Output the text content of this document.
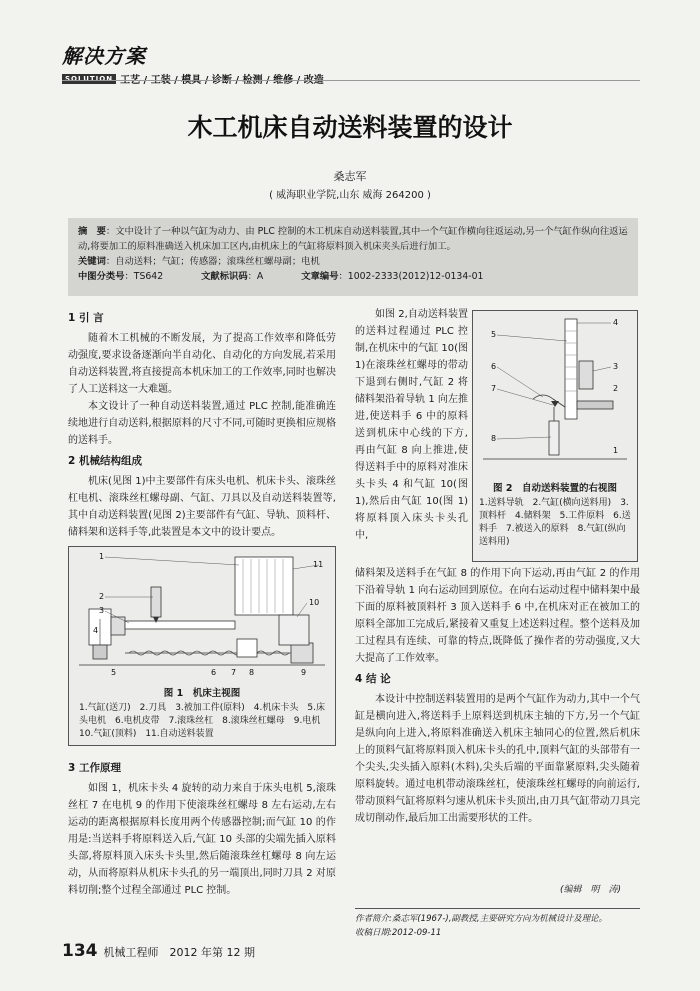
解决方案
SOLUTION 工艺 / 工装 / 模具 / 诊断 / 检测 / 维修 / 改造
木工机床自动送料装置的设计
桑志军
( 威海职业学院,山东 威海 264200 )
摘　要：文中设计了一种以气缸为动力、由 PLC 控制的木工机床自动送料装置,其中一个气缸作横向往返运动,另一个气缸作纵向往返运动,将要加工的原料准确送入机床加工区内,由机床上的气缸将原料顶入机床夹头后进行加工。
关键词：自动送料；气缸；传感器；滚珠丝杠螺母副；电机
中图分类号：TS642	文献标识码：A	文章编号：1002-2333(2012)12-0134-01
1 引 言

随着木工机械的不断发展，为了提高工作效率和降低劳动强度,要求设备逐渐向半自动化、自动化的方向发展,若采用自动送料装置,将直接提高本机床加工的工作效率,同时也解决了人工送料这一大难题。

本文设计了一种自动送料装置,通过 PLC 控制,能准确连续地进行自动送料,根据原料的尺寸不同,可随时更换相应规格的送料手。

2 机械结构组成

机床(见图 1)中主要部件有床头电机、机床卡头、滚珠丝杠电机、滚珠丝杠螺母副、气缸、刀具以及自动送料装置等,其中自动送料装置(见图 2)主要部件有气缸、导轨、顶料杆、储料架和送料手等,此装置是本文中的设计要点。

1
2
3
4
5	6 7 8	9
10
11
图 1　机床主视图
1.气缸(送刀)　2.刀具　3.被加工件(原料)　4.机床卡头　5.床头电机　6.电机皮带　7.滚珠丝杠　8.滚珠丝杠螺母　9.电机　10.气缸(顶料)　11.自动送料装置
3 工作原理

如图 1，机床卡头 4 旋转的动力来自于床头电机 5,滚珠丝杠 7 在电机 9 的作用下使滚珠丝杠螺母 8 左右运动,左右运动的距离根据原料长度用两个传感器控制;而气缸 10 的作用是:当送料手将原料送入后,气缸 10 头部的尖端先插入原料头部,将原料顶入床头卡头里,然后随滚珠丝杠螺母 8 向左运动，从而将原料从机床卡头孔的另一端顶出,同时刀具 2 对原料切削;整个过程全部通过 PLC 控制。

如图 2,自动送料装置的送料过程通过 PLC 控制,在机床中的气缸 10(图 1)在滚珠丝杠螺母的带动下退到右侧时,气缸 2 将储料架沿着导轨 1 向左推进,使送料手 6 中的原料送到机床中心线的下方,再由气缸 8 向上推进,使得送料手中的原料对准床头卡头 4 和气缸 10(图 1),然后由气缸 10(图 1)将原料顶入床头卡头孔中,

1
2
3
4
5
6
7
8
图 2　自动送料装置的右视图
1.送料导轨　2.气缸(横向送料用)　3.顶料杆　4.储料架　5.工件原料　6.送料手　7.被送入的原料　8.气缸(纵向送料用)

储料架及送料手在气缸 8 的作用下向下运动,再由气缸 2 的作用下沿着导轨 1 向右运动回到原位。在向右运动过程中储料架中最下面的原料被顶料杆 3 顶入送料手 6 中,在机床对正在被加工的原料全部加工完成后,紧接着又重复上述送料过程。整个送料及加工过程具有连续、可靠的特点,既降低了操作者的劳动强度,又大大提高了工作效率。

4 结 论

本设计中控制送料装置用的是两个气缸作为动力,其中一个气缸是横向进入,将送料手上原料送到机床主轴的下方,另一个气缸是纵向向上进入,将原料准确送入机床主轴同心的位置,然后机床上的顶料气缸将原料顶入机床卡头的孔中,顶料气缸的头部带有一个尖头,尖头插入原料(木料),尖头后端的平面靠紧原料,尖头随着原料旋转。通过电机带动滚珠丝杠，使滚珠丝杠螺母的向前运行,带动顶料气缸将原料匀速从机床卡头顶出,由刀具气缸带动刀具完成切削动作,最后加工出需要形状的工件。

(编辑　明　涛)
作者简介:桑志军(1967-),副教授,主要研究方向为机械设计及理论。
收稿日期:2012-09-11
134 机械工程师　2012 年第 12 期
